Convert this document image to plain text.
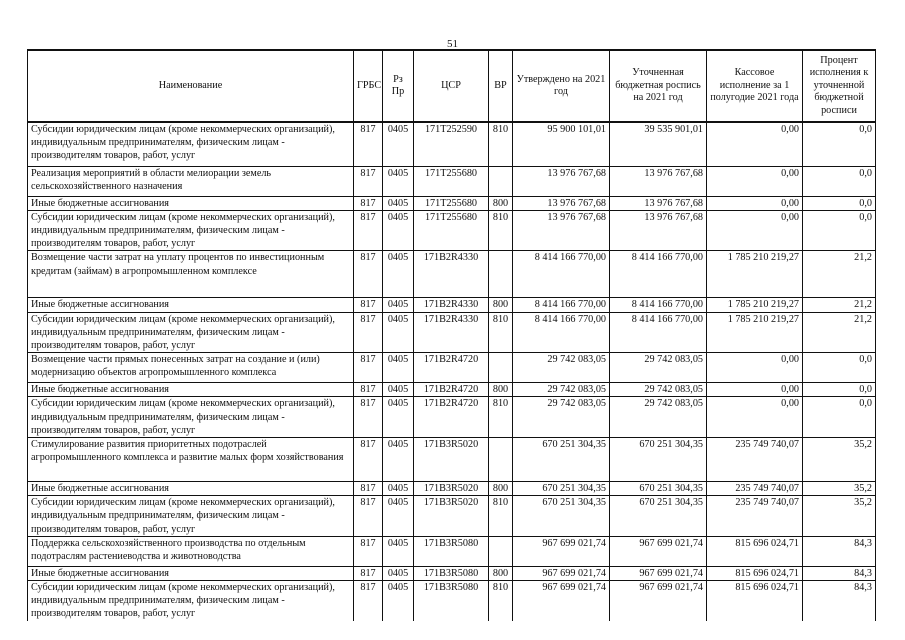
51
Наименование	ГРБС	Рз Пр	ЦСР	ВР	Утверждено на 2021 год	Уточненная бюджетная роспись на 2021 год	Кассовое исполнение за 1 полугодие 2021 года	Процент исполнения к уточненной бюджетной росписи
Субсидии юридическим лицам (кроме некоммерческих организаций), индивидуальным предпринимателям, физическим лицам - производителям товаров, работ, услуг	817	0405	171T252590	810	95 900 101,01	39 535 901,01	0,00	0,0
Реализация мероприятий в области мелиорации земель сельскохозяйственного назначения	817	0405	171T255680		13 976 767,68	13 976 767,68	0,00	0,0
Иные бюджетные ассигнования	817	0405	171T255680	800	13 976 767,68	13 976 767,68	0,00	0,0
Субсидии юридическим лицам (кроме некоммерческих организаций), индивидуальным предпринимателям, физическим лицам - производителям товаров, работ, услуг	817	0405	171T255680	810	13 976 767,68	13 976 767,68	0,00	0,0
Возмещение части затрат на уплату процентов по инвестиционным кредитам (займам) в агропромышленном комплексе	817	0405	171B2R4330		8 414 166 770,00	8 414 166 770,00	1 785 210 219,27	21,2
Иные бюджетные ассигнования	817	0405	171B2R4330	800	8 414 166 770,00	8 414 166 770,00	1 785 210 219,27	21,2
Субсидии юридическим лицам (кроме некоммерческих организаций), индивидуальным предпринимателям, физическим лицам - производителям товаров, работ, услуг	817	0405	171B2R4330	810	8 414 166 770,00	8 414 166 770,00	1 785 210 219,27	21,2
Возмещение части прямых понесенных затрат на создание и (или) модернизацию объектов агропромышленного комплекса	817	0405	171B2R4720		29 742 083,05	29 742 083,05	0,00	0,0
Иные бюджетные ассигнования	817	0405	171B2R4720	800	29 742 083,05	29 742 083,05	0,00	0,0
Субсидии юридическим лицам (кроме некоммерческих организаций), индивидуальным предпринимателям, физическим лицам - производителям товаров, работ, услуг	817	0405	171B2R4720	810	29 742 083,05	29 742 083,05	0,00	0,0
Стимулирование развития приоритетных подотраслей агропромышленного комплекса и развитие малых форм хозяйствования	817	0405	171B3R5020		670 251 304,35	670 251 304,35	235 749 740,07	35,2
Иные бюджетные ассигнования	817	0405	171B3R5020	800	670 251 304,35	670 251 304,35	235 749 740,07	35,2
Субсидии юридическим лицам (кроме некоммерческих организаций), индивидуальным предпринимателям, физическим лицам - производителям товаров, работ, услуг	817	0405	171B3R5020	810	670 251 304,35	670 251 304,35	235 749 740,07	35,2
Поддержка сельскохозяйственного производства по отдельным подотраслям растениеводства и животноводства	817	0405	171B3R5080		967 699 021,74	967 699 021,74	815 696 024,71	84,3
Иные бюджетные ассигнования	817	0405	171B3R5080	800	967 699 021,74	967 699 021,74	815 696 024,71	84,3
Субсидии юридическим лицам (кроме некоммерческих организаций), индивидуальным предпринимателям, физическим лицам - производителям товаров, работ, услуг	817	0405	171B3R5080	810	967 699 021,74	967 699 021,74	815 696 024,71	84,3
